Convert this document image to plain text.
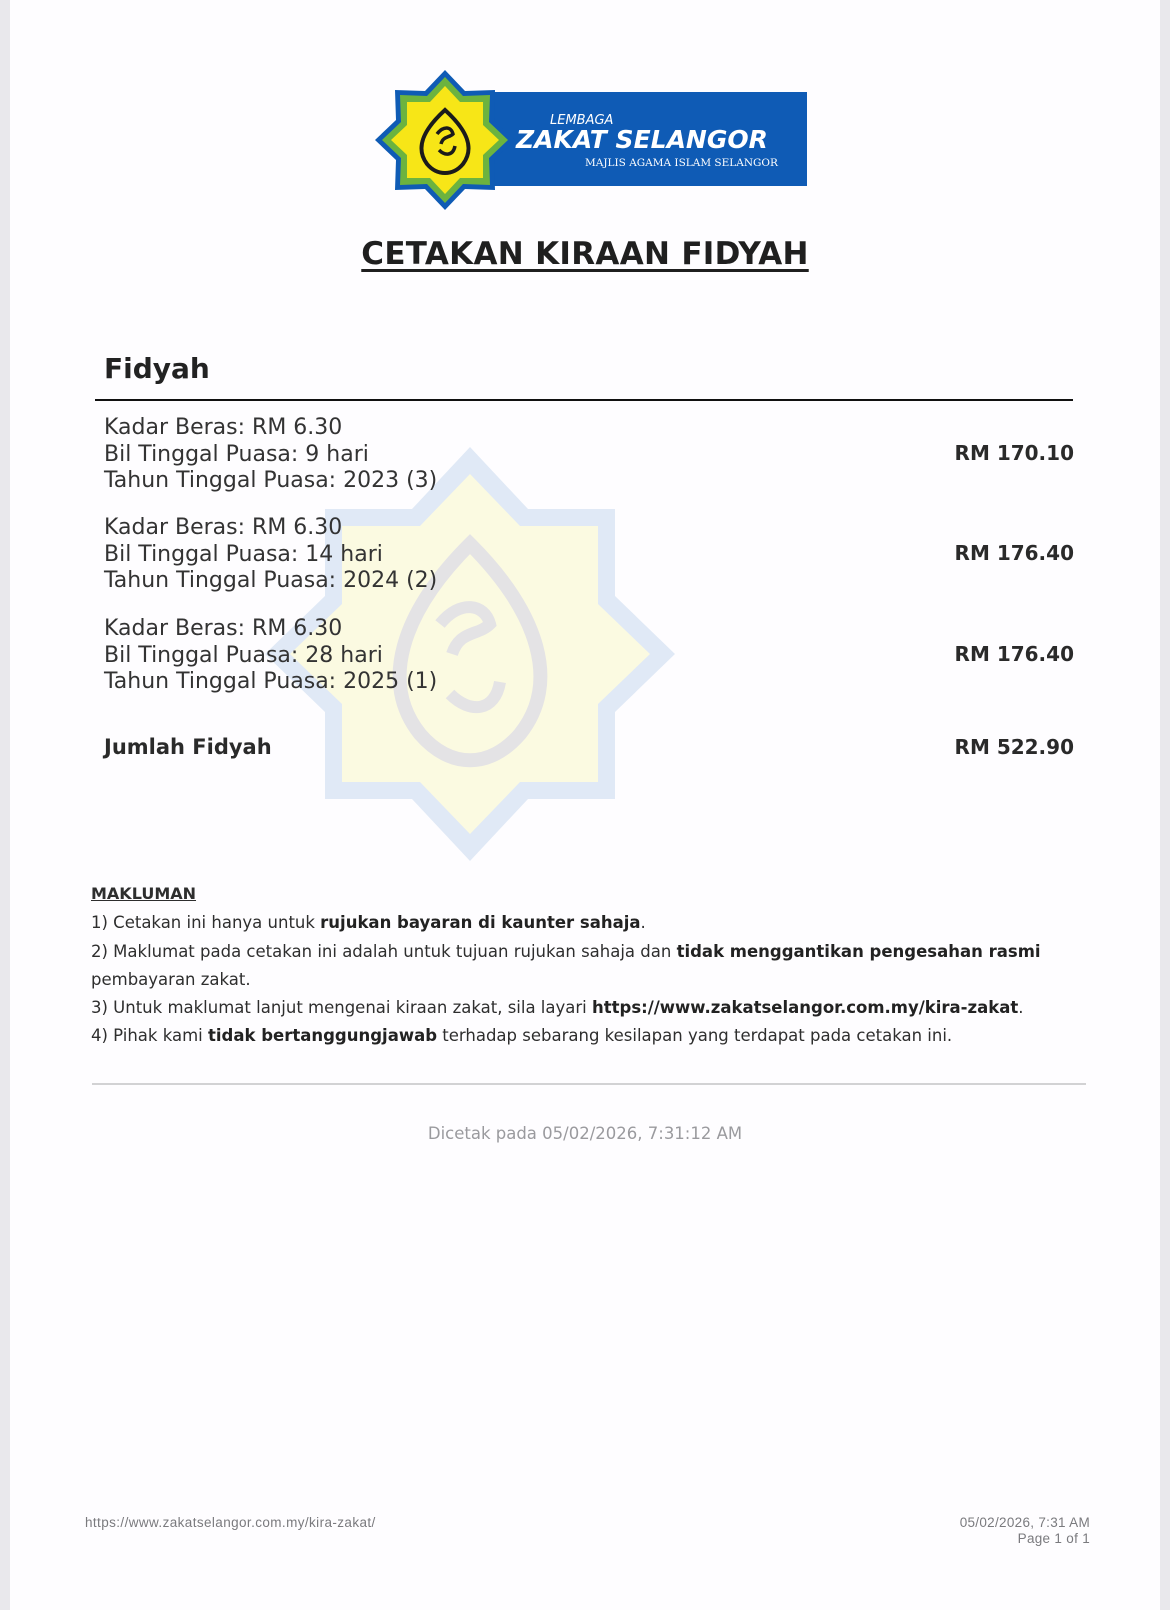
LEMBAGA
ZAKAT SELANGOR
MAJLIS AGAMA ISLAM SELANGOR
CETAKAN KIRAAN FIDYAH
Fidyah
Kadar Beras: RM 6.30
Bil Tinggal Puasa: 9 hari
Tahun Tinggal Puasa: 2023 (3)
RM 170.10
Kadar Beras: RM 6.30
Bil Tinggal Puasa: 14 hari
Tahun Tinggal Puasa: 2024 (2)
RM 176.40
Kadar Beras: RM 6.30
Bil Tinggal Puasa: 28 hari
Tahun Tinggal Puasa: 2025 (1)
RM 176.40
Jumlah Fidyah	RM 522.90
MAKLUMAN
1) Cetakan ini hanya untuk rujukan bayaran di kaunter sahaja.
2) Maklumat pada cetakan ini adalah untuk tujuan rujukan sahaja dan tidak menggantikan pengesahan rasmi pembayaran zakat.
3) Untuk maklumat lanjut mengenai kiraan zakat, sila layari https://www.zakatselangor.com.my/kira-zakat.
4) Pihak kami tidak bertanggungjawab terhadap sebarang kesilapan yang terdapat pada cetakan ini.
Dicetak pada 05/02/2026, 7:31:12 AM
https://www.zakatselangor.com.my/kira-zakat/	05/02/2026, 7:31 AM
Page 1 of 1
